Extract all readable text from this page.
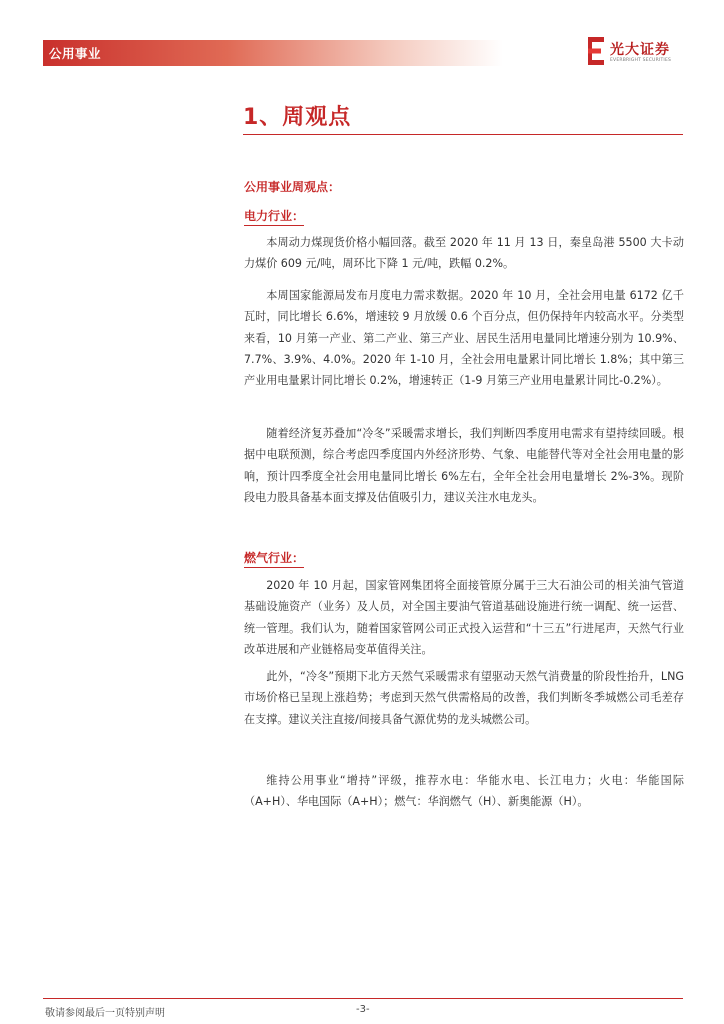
公用事业	光大证券
EVERBRIGHT SECURITIES
1、周观点
公用事业周观点：
电力行业：

本周动力煤现货价格小幅回落。截至 2020 年 11 月 13 日，秦皇岛港 5500 大卡动力煤价 609 元/吨，周环比下降 1 元/吨，跌幅 0.2%。

本周国家能源局发布月度电力需求数据。2020 年 10 月，全社会用电量 6172 亿千瓦时，同比增长 6.6%，增速较 9 月放缓 0.6 个百分点，但仍保持年内较高水平。分类型来看，10 月第一产业、第二产业、第三产业、居民生活用电量同比增速分别为 10.9%、7.7%、3.9%、4.0%。2020 年 1-10 月，全社会用电量累计同比增长 1.8%；其中第三产业用电量累计同比增长 0.2%，增速转正（1-9 月第三产业用电量累计同比-0.2%）。

随着经济复苏叠加“冷冬”采暖需求增长，我们判断四季度用电需求有望持续回暖。根据中电联预测，综合考虑四季度国内外经济形势、气象、电能替代等对全社会用电量的影响，预计四季度全社会用电量同比增长 6%左右，全年全社会用电量增长 2%-3%。现阶段电力股具备基本面支撑及估值吸引力，建议关注水电龙头。

燃气行业：

2020 年 10 月起，国家管网集团将全面接管原分属于三大石油公司的相关油气管道基础设施资产（业务）及人员，对全国主要油气管道基础设施进行统一调配、统一运营、统一管理。我们认为，随着国家管网公司正式投入运营和“十三五”行进尾声，天然气行业改革进展和产业链格局变革值得关注。

此外，“冷冬”预期下北方天然气采暖需求有望驱动天然气消费量的阶段性抬升，LNG 市场价格已呈现上涨趋势；考虑到天然气供需格局的改善，我们判断冬季城燃公司毛差存在支撑。建议关注直接/间接具备气源优势的龙头城燃公司。

维持公用事业“增持”评级，推荐水电：华能水电、长江电力；火电：华能国际（A+H）、华电国际（A+H）；燃气：华润燃气（H）、新奥能源（H）。

敬请参阅最后一页特别声明	-3-
